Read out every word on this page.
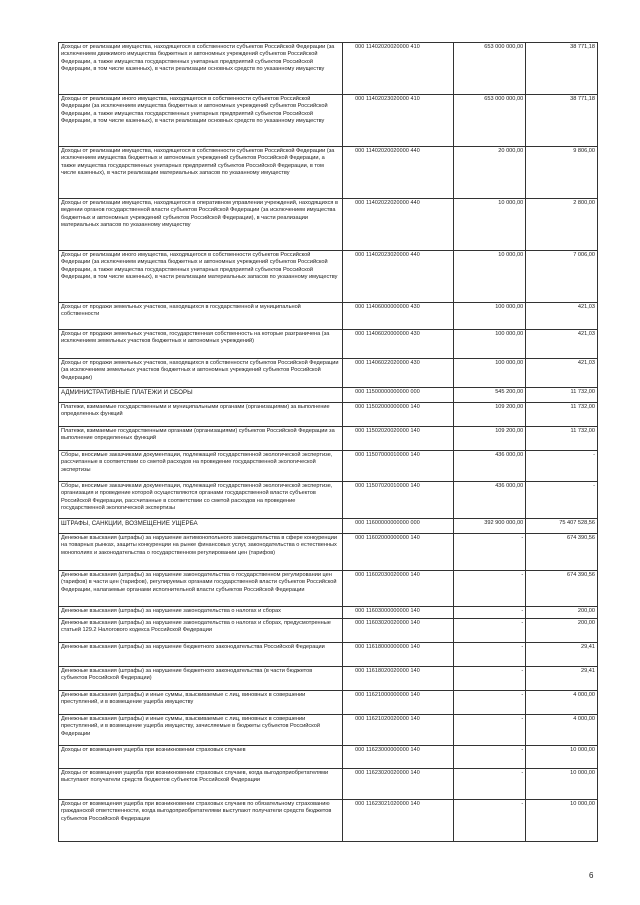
Доходы от реализации имущества, находящегося в собственности субъектов Российской Федерации (за исключением движимого имущества бюджетных и автономных учреждений субъектов Российской Федерации, а также имущества государственных унитарных предприятий субъектов Российской Федерации, в том числе казенных), в части реализации основных средств по указанному имуществу	000 11402020020000 410	653 000 000,00	38 771,18
Доходы от реализации иного имущества, находящегося в собственности субъектов Российской Федерации (за исключением имущества бюджетных и автономных учреждений субъектов Российской Федерации, а также имущества государственных унитарных предприятий субъектов Российской Федерации, в том числе казенных), в части реализации основных средств по указанному имуществу	000 11402023020000 410	653 000 000,00	38 771,18
Доходы от реализации имущества, находящегося в собственности субъектов Российской Федерации (за исключением имущества бюджетных и автономных учреждений субъектов Российской Федерации, а также имущества государственных унитарных предприятий субъектов Российской Федерации, в том числе казенных), в части реализации материальных запасов по указанному имуществу	000 11402020020000 440	20 000,00	9 806,00
Доходы от реализации имущества, находящегося в оперативном управлении учреждений, находящихся в ведении органов государственной власти субъектов Российской Федерации (за исключением имущества бюджетных и автономных учреждений субъектов Российской Федерации), в части реализации материальных запасов по указанному имуществу	000 11402022020000 440	10 000,00	2 800,00
Доходы от реализации иного имущества, находящегося в собственности субъектов Российской Федерации (за исключением имущества бюджетных и автономных учреждений субъектов Российской Федерации, а также имущества государственных унитарных предприятий субъектов Российской Федерации, в том числе казенных), в части реализации материальных запасов по указанному имуществу	000 11402023020000 440	10 000,00	7 006,00
Доходы от продажи земельных участков, находящихся в государственной и муниципальной собственности	000 11406000000000 430	100 000,00	421,03
Доходы от продажи земельных участков, государственная собственность на которые разграничена (за исключением земельных участков бюджетных и автономных учреждений)	000 11406020000000 430	100 000,00	421,03
Доходы от продажи земельных участков, находящихся в собственности субъектов Российской Федерации (за исключением земельных участков бюджетных и автономных учреждений субъектов Российской Федерации)	000 11406022020000 430	100 000,00	421,03
АДМИНИСТРАТИВНЫЕ ПЛАТЕЖИ И СБОРЫ	000 11500000000000 000	545 200,00	11 732,00
Платежи, взимаемые государственными и муниципальными органами (организациями) за выполнение определенных функций	000 11502000000000 140	109 200,00	11 732,00
Платежи, взимаемые государственными органами (организациями) субъектов Российской Федерации за выполнение определенных функций	000 11502020020000 140	109 200,00	11 732,00
Сборы, вносимые заказчиками документации, подлежащей государственной экологической экспертизе, рассчитанные в соответствии со сметой расходов на проведение государственной экологической экспертизы	000 11507000010000 140	436 000,00	-
Сборы, вносимые заказчиками документации, подлежащей государственной экологической экспертизе, организация и проведение которой осуществляются органами государственной власти субъектов Российской Федерации, рассчитанные в соответствии со сметой расходов на проведение государственной экологической экспертизы	000 11507020010000 140	436 000,00	-
ШТРАФЫ, САНКЦИИ, ВОЗМЕЩЕНИЕ УЩЕРБА	000 11600000000000 000	392 900 000,00	75 407 528,56
Денежные взыскания (штрафы) за нарушение антимонопольного законодательства в сфере конкуренции на товарных рынках, защиты конкуренции на рынке финансовых услуг, законодательства о естественных монополиях и законодательства о государственном регулировании цен (тарифов)	000 11602000000000 140	-	674 390,56
Денежные взыскания (штрафы) за нарушение законодательства о государственном регулировании цен (тарифов) в части цен (тарифов), регулируемых органами государственной власти субъектов Российской Федерации, налагаемые органами исполнительной власти субъектов Российской Федерации	000 11602030020000 140	-	674 390,56
Денежные взыскания (штрафы) за нарушение законодательства о налогах и сборах	000 11603000000000 140	-	200,00
Денежные взыскания (штрафы) за нарушение законодательства о налогах и сборах, предусмотренные статьей 129.2 Налогового кодекса Российской Федерации	000 11603020020000 140	-	200,00
Денежные взыскания (штрафы) за нарушение бюджетного законодательства Российской Федерации	000 11618000000000 140	-	29,41
Денежные взыскания (штрафы) за нарушение бюджетного законодательства (в части бюджетов субъектов Российской Федерации)	000 11618020020000 140	-	29,41
Денежные взыскания (штрафы) и иные суммы, взыскиваемые с лиц, виновных в совершении преступлений, и в возмещение ущерба имуществу	000 11621000000000 140	-	4 000,00
Денежные взыскания (штрафы) и иные суммы, взыскиваемые с лиц, виновных в совершении преступлений, и в возмещение ущерба имуществу, зачисляемые в бюджеты субъектов Российской Федерации	000 11621020020000 140	-	4 000,00
Доходы от возмещения ущерба при возникновении страховых случаев	000 11623000000000 140	-	10 000,00
Доходы от возмещения ущерба при возникновении страховых случаев, когда выгодоприобретателями выступают получатели средств бюджетов субъектов Российской Федерации	000 11623020020000 140	-	10 000,00
Доходы от возмещения ущерба при возникновении страховых случаев по обязательному страхованию гражданской ответственности, когда выгодоприобретателями выступают получатели средств бюджетов субъектов Российской Федерации	000 11623021020000 140	-	10 000,00
6
